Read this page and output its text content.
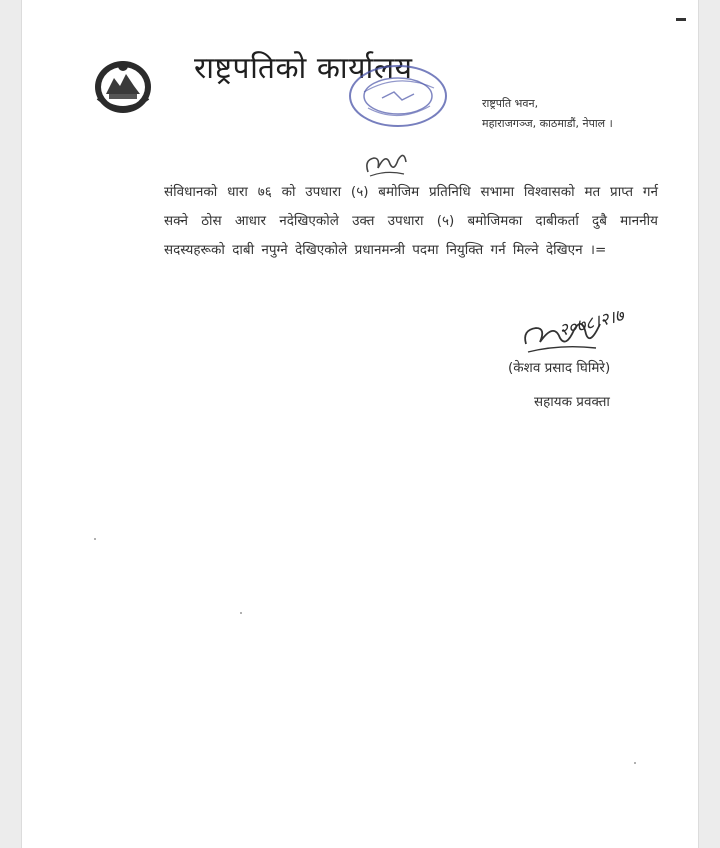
राष्ट्रपतिको कार्यालय
राष्ट्रपति भवन,
महाराजगञ्ज, काठमाडौं, नेपाल ।

संविधानको धारा ७६ को उपधारा (५) बमोजिम प्रतिनिधि सभामा विश्वासको मत प्राप्त गर्न सक्ने ठोस आधार नदेखिएकोले उक्त उपधारा (५) बमोजिमका दाबीकर्ता दुबै माननीय सदस्यहरूको दाबी नपुग्ने देखिएकोले प्रधानमन्त्री पदमा नियुक्ति गर्न मिल्ने देखिएन ।=

२०७८।२।७
(केशव प्रसाद घिमिरे)
सहायक प्रवक्ता
